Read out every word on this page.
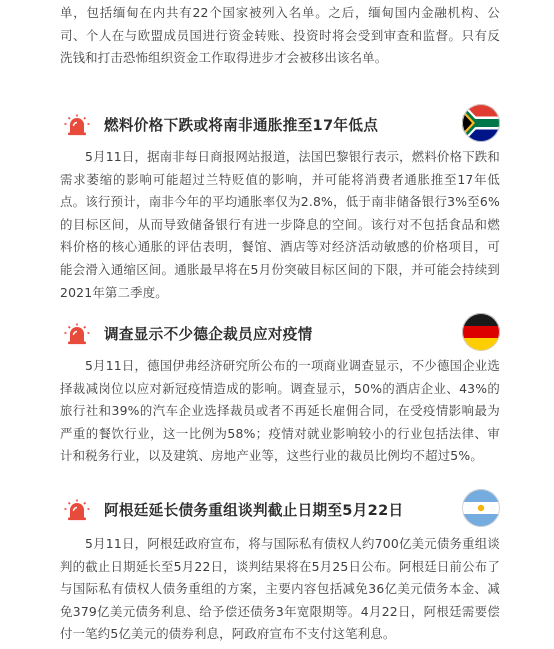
单，包括缅甸在内共有22个国家被列入名单。之后，缅甸国内金融机构、公司、个人在与欧盟成员国进行资金转账、投资时将会受到审查和监督。只有反洗钱和打击恐怖组织资金工作取得进步才会被移出该名单。

燃料价格下跌或将南非通胀推至17年低点

5月11日，据南非每日商报网站报道，法国巴黎银行表示，燃料价格下跌和需求萎缩的影响可能超过兰特贬值的影响，并可能将消费者通胀推至17年低点。该行预计，南非今年的平均通胀率仅为2.8%，低于南非储备银行3%至6%的目标区间，从而导致储备银行有进一步降息的空间。该行对不包括食品和燃料价格的核心通胀的评估表明，餐馆、酒店等对经济活动敏感的价格项目，可能会滑入通缩区间。通胀最早将在5月份突破目标区间的下限，并可能会持续到2021年第二季度。

调查显示不少德企裁员应对疫情

5月11日，德国伊弗经济研究所公布的一项商业调查显示，不少德国企业选择裁减岗位以应对新冠疫情造成的影响。调查显示，50%的酒店企业、43%的旅行社和39%的汽车企业选择裁员或者不再延长雇佣合同，在受疫情影响最为严重的餐饮行业，这一比例为58%；疫情对就业影响较小的行业包括法律、审计和税务行业，以及建筑、房地产业等，这些行业的裁员比例均不超过5%。

阿根廷延长债务重组谈判截止日期至5月22日

5月11日，阿根廷政府宣布，将与国际私有债权人约700亿美元债务重组谈判的截止日期延长至5月22日，谈判结果将在5月25日公布。阿根廷日前公布了与国际私有债权人债务重组的方案，主要内容包括减免36亿美元债务本金、减免379亿美元债务利息、给予偿还债务3年宽限期等。4月22日，阿根廷需要偿付一笔约5亿美元的债券利息，阿政府宣布不支付这笔利息。
